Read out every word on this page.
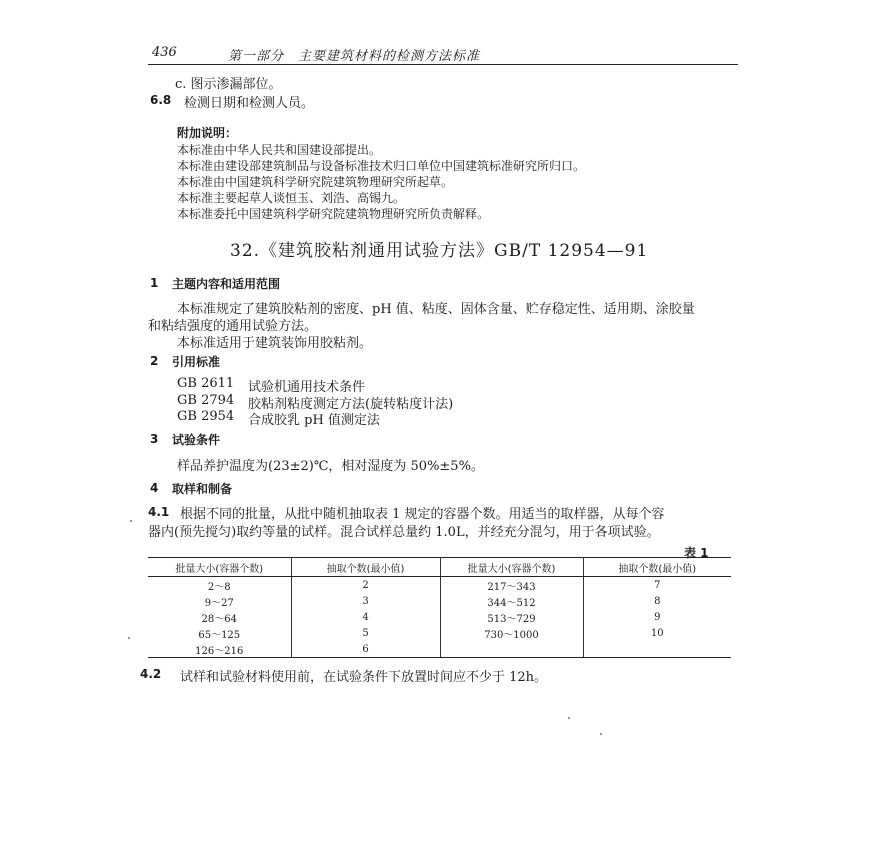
436	第一部分　主要建筑材料的检测方法标准
c. 图示渗漏部位。
6.8 检测日期和检测人员。
附加说明：
本标准由中华人民共和国建设部提出。
本标准由建设部建筑制品与设备标准技术归口单位中国建筑标准研究所归口。
本标准由中国建筑科学研究院建筑物理研究所起草。
本标准主要起草人谈恒玉、刘浩、高锡九。
本标准委托中国建筑科学研究院建筑物理研究所负责解释。
32.《建筑胶粘剂通用试验方法》GB/T 12954—91
1 主题内容和适用范围
本标准规定了建筑胶粘剂的密度、pH 值、粘度、固体含量、贮存稳定性、适用期、涂胶量
和粘结强度的通用试验方法。
本标准适用于建筑装饰用胶粘剂。
2 引用标准
GB 2611 试验机通用技术条件
GB 2794 胶粘剂粘度测定方法(旋转粘度计法)
GB 2954 合成胶乳 pH 值测定法
3 试验条件
样品养护温度为(23±2)℃，相对湿度为 50%±5%。
4 取样和制备
4.1 根据不同的批量，从批中随机抽取表 1 规定的容器个数。用适当的取样器，从每个容
器内(预先搅匀)取约等量的试样。混合试样总量约 1.0L，并经充分混匀，用于各项试验。
表 1
批量大小(容器个数)	抽取个数(最小值)	批量大小(容器个数)	抽取个数(最小值)
2～8	2	217～343	7
9～27	3	344～512	8
28～64	4	513～729	9
65～125	5	730～1000	10
126～216	6		
4.2 试样和试验材料使用前，在试验条件下放置时间应不少于 12h。
